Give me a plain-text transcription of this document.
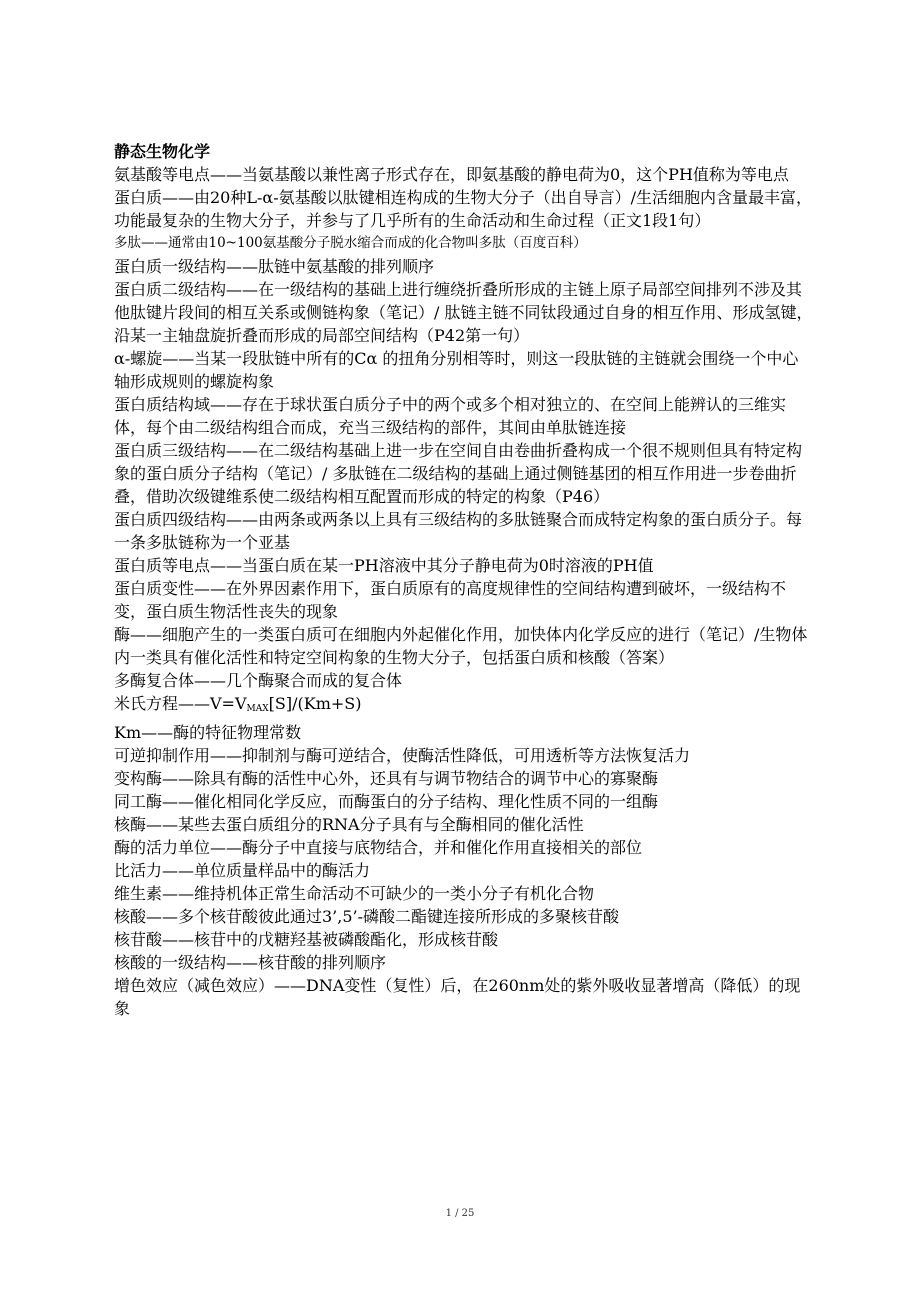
静态生物化学

氨基酸等电点——当氨基酸以兼性离子形式存在，即氨基酸的静电荷为0，这个PH值称为等电点

蛋白质——由20种L-α-氨基酸以肽键相连构成的生物大分子（出自导言）/生活细胞内含量最丰富，功能最复杂的生物大分子，并参与了几乎所有的生命活动和生命过程（正文1段1句）

多肽——通常由10~100氨基酸分子脱水缩合而成的化合物叫多肽（百度百科）

蛋白质一级结构——肽链中氨基酸的排列顺序

蛋白质二级结构——在一级结构的基础上进行缠绕折叠所形成的主链上原子局部空间排列不涉及其他肽键片段间的相互关系或侧链构象（笔记）/ 肽链主链不同钛段通过自身的相互作用、形成氢键，沿某一主轴盘旋折叠而形成的局部空间结构（P42第一句）

α-螺旋——当某一段肽链中所有的Cα 的扭角分别相等时，则这一段肽链的主链就会围绕一个中心轴形成规则的螺旋构象

蛋白质结构域——存在于球状蛋白质分子中的两个或多个相对独立的、在空间上能辨认的三维实体，每个由二级结构组合而成，充当三级结构的部件，其间由单肽链连接

蛋白质三级结构——在二级结构基础上进一步在空间自由卷曲折叠构成一个很不规则但具有特定构象的蛋白质分子结构（笔记）/ 多肽链在二级结构的基础上通过侧链基团的相互作用进一步卷曲折叠，借助次级键维系使二级结构相互配置而形成的特定的构象（P46）

蛋白质四级结构——由两条或两条以上具有三级结构的多肽链聚合而成特定构象的蛋白质分子。每一条多肽链称为一个亚基

蛋白质等电点——当蛋白质在某一PH溶液中其分子静电荷为0时溶液的PH值

蛋白质变性——在外界因素作用下，蛋白质原有的高度规律性的空间结构遭到破坏，一级结构不变，蛋白质生物活性丧失的现象

酶——细胞产生的一类蛋白质可在细胞内外起催化作用，加快体内化学反应的进行（笔记）/生物体内一类具有催化活性和特定空间构象的生物大分子，包括蛋白质和核酸（答案）

多酶复合体——几个酶聚合而成的复合体

米氏方程$——V=V_{MAX}[S]/(Km+S)$

Km——酶的特征物理常数

可逆抑制作用——抑制剂与酶可逆结合，使酶活性降低，可用透析等方法恢复活力

变构酶——除具有酶的活性中心外，还具有与调节物结合的调节中心的寡聚酶

同工酶——催化相同化学反应，而酶蛋白的分子结构、理化性质不同的一组酶

核酶——某些去蛋白质组分的RNA分子具有与全酶相同的催化活性

酶的活力单位——酶分子中直接与底物结合，并和催化作用直接相关的部位

比活力——单位质量样品中的酶活力

维生素——维持机体正常生命活动不可缺少的一类小分子有机化合物

核酸——多个核苷酸彼此通过3’,5’-磷酸二酯键连接所形成的多聚核苷酸

核苷酸——核苷中的戊糖羟基被磷酸酯化，形成核苷酸

核酸的一级结构——核苷酸的排列顺序

增色效应（减色效应）——DNA变性（复性）后，在260nm处的紫外吸收显著增高（降低）的现象

1 / 25
